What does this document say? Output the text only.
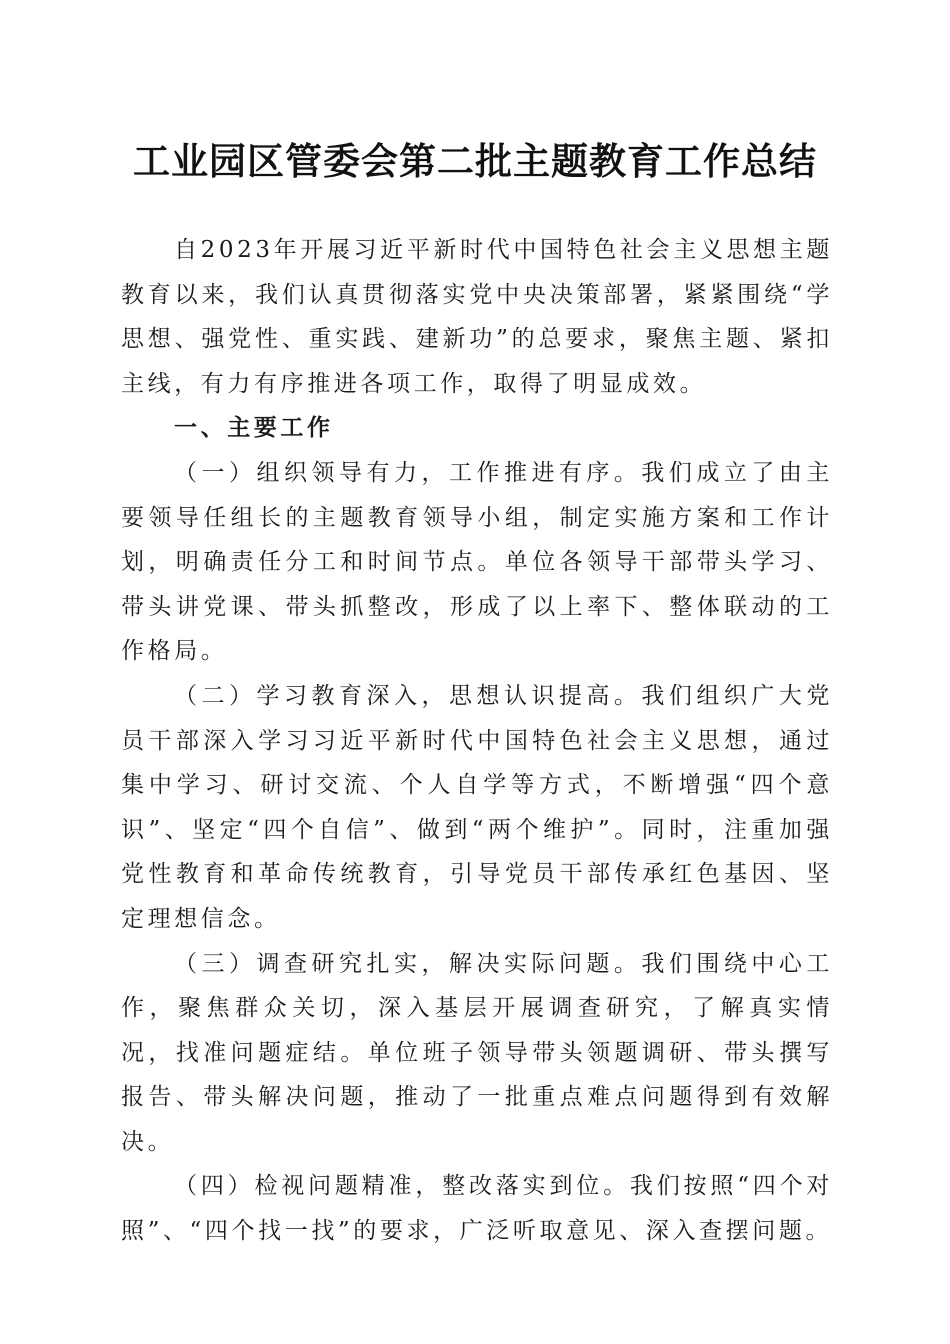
工业园区管委会第二批主题教育工作总结

自2023年开展习近平新时代中国特色社会主义思想主题教育以来，我们认真贯彻落实党中央决策部署，紧紧围绕“学思想、强党性、重实践、建新功”的总要求，聚焦主题、紧扣主线，有力有序推进各项工作，取得了明显成效。

一、主要工作

（一）组织领导有力，工作推进有序。我们成立了由主要领导任组长的主题教育领导小组，制定实施方案和工作计划，明确责任分工和时间节点。单位各领导干部带头学习、带头讲党课、带头抓整改，形成了以上率下、整体联动的工作格局。

（二）学习教育深入，思想认识提高。我们组织广大党员干部深入学习习近平新时代中国特色社会主义思想，通过集中学习、研讨交流、个人自学等方式，不断增强“四个意识”、坚定“四个自信”、做到“两个维护”。同时，注重加强党性教育和革命传统教育，引导党员干部传承红色基因、坚定理想信念。

（三）调查研究扎实，解决实际问题。我们围绕中心工作，聚焦群众关切，深入基层开展调查研究，了解真实情况，找准问题症结。单位班子领导带头领题调研、带头撰写报告、带头解决问题，推动了一批重点难点问题得到有效解决。

（四）检视问题精准，整改落实到位。我们按照“四个对照”、“四个找一找”的要求，广泛听取意见、深入查摆问题。
